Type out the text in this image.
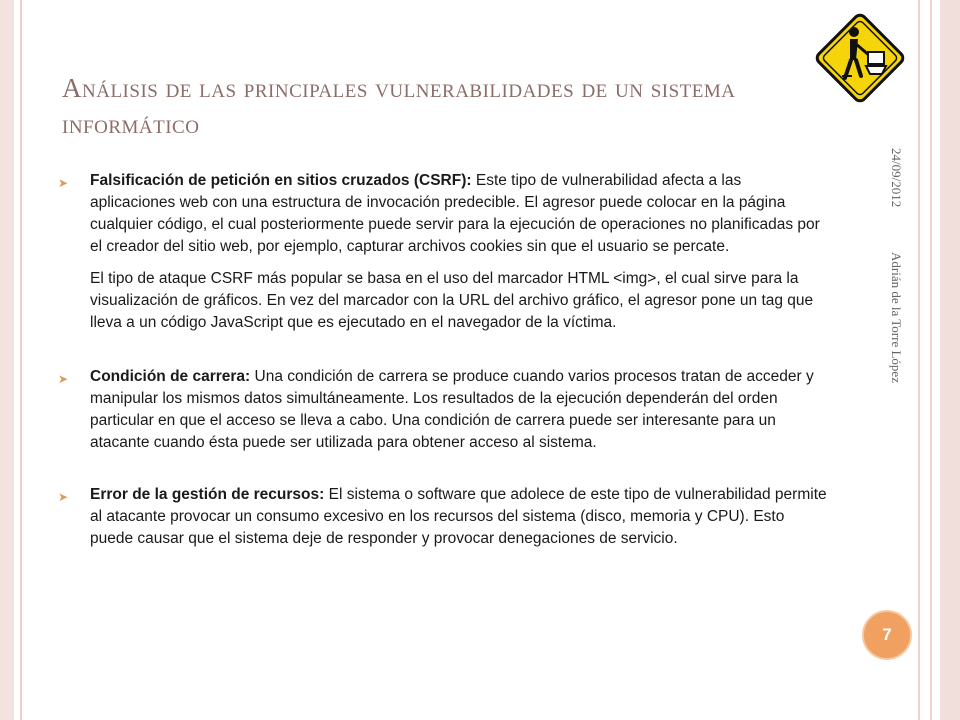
Análisis de las principales vulnerabilidades de un sistema informático
24/09/2012
Adrián de la Torre López

➤ Falsificación de petición en sitios cruzados (CSRF): Este tipo de vulnerabilidad afecta a las aplicaciones web con una estructura de invocación predecible. El agresor puede colocar en la página cualquier código, el cual posteriormente puede servir para la ejecución de operaciones no planificadas por el creador del sitio web, por ejemplo, capturar archivos cookies sin que el usuario se percate.

El tipo de ataque CSRF más popular se basa en el uso del marcador HTML <img>, el cual sirve para la visualización de gráficos. En vez del marcador con la URL del archivo gráfico, el agresor pone un tag que lleva a un código JavaScript que es ejecutado en el navegador de la víctima.

➤ Condición de carrera: Una condición de carrera se produce cuando varios procesos tratan de acceder y manipular los mismos datos simultáneamente. Los resultados de la ejecución dependerán del orden particular en que el acceso se lleva a cabo. Una condición de carrera puede ser interesante para un atacante cuando ésta puede ser utilizada para obtener acceso al sistema.

➤ Error de la gestión de recursos: El sistema o software que adolece de este tipo de vulnerabilidad permite al atacante provocar un consumo excesivo en los recursos del sistema (disco, memoria y CPU). Esto puede causar que el sistema deje de responder y provocar denegaciones de servicio.

7
